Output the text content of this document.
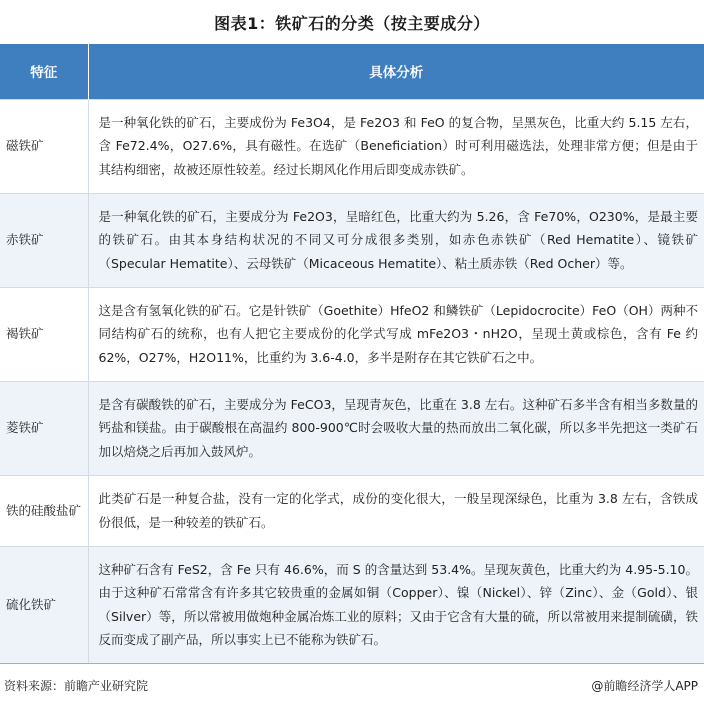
图表1：铁矿石的分类（按主要成分）
特征	具体分析
磁铁矿	是一种氧化铁的矿石，主要成份为 Fe3O4，是 Fe2O3 和 FeO 的复合物，呈黑灰色，比重大约 5.15 左右，含 Fe72.4%，O27.6%，具有磁性。在选矿（Beneficiation）时可利用磁选法，处理非常方便；但是由于其结构细密，故被还原性较差。经过长期风化作用后即变成赤铁矿。
赤铁矿	是一种氧化铁的矿石，主要成分为 Fe2O3，呈暗红色，比重大约为 5.26，含 Fe70%，O230%，是最主要的铁矿石。由其本身结构状况的不同又可分成很多类别，如赤色赤铁矿（Red Hematite）、镜铁矿（Specular Hematite）、云母铁矿（Micaceous Hematite）、粘土质赤铁（Red Ocher）等。
褐铁矿	这是含有氢氧化铁的矿石。它是针铁矿（Goethite）HfeO2 和鳞铁矿（Lepidocrocite）FeO（OH）两种不同结构矿石的统称，也有人把它主要成份的化学式写成 mFe2O3・nH2O，呈现土黄或棕色，含有 Fe 约 62%，O27%，H2O11%，比重约为 3.6-4.0，多半是附存在其它铁矿石之中。
菱铁矿	是含有碳酸铁的矿石，主要成分为 FeCO3，呈现青灰色，比重在 3.8 左右。这种矿石多半含有相当多数量的钙盐和镁盐。由于碳酸根在高温约 800-900℃时会吸收大量的热而放出二氧化碳，所以多半先把这一类矿石加以焙烧之后再加入鼓风炉。
铁的硅酸盐矿	此类矿石是一种复合盐，没有一定的化学式，成份的变化很大，一般呈现深绿色，比重为 3.8 左右，含铁成份很低，是一种较差的铁矿石。
硫化铁矿	这种矿石含有 FeS2，含 Fe 只有 46.6%，而 S 的含量达到 53.4%。呈现灰黄色，比重大约为 4.95-5.10。由于这种矿石常常含有许多其它较贵重的金属如铜（Copper）、镍（Nickel）、锌（Zinc）、金（Gold）、银（Silver）等，所以常被用做炮种金属冶炼工业的原料；又由于它含有大量的硫，所以常被用来提制硫磺，铁反而变成了副产品，所以事实上已不能称为铁矿石。
资料来源：前瞻产业研究院	@前瞻经济学人APP
